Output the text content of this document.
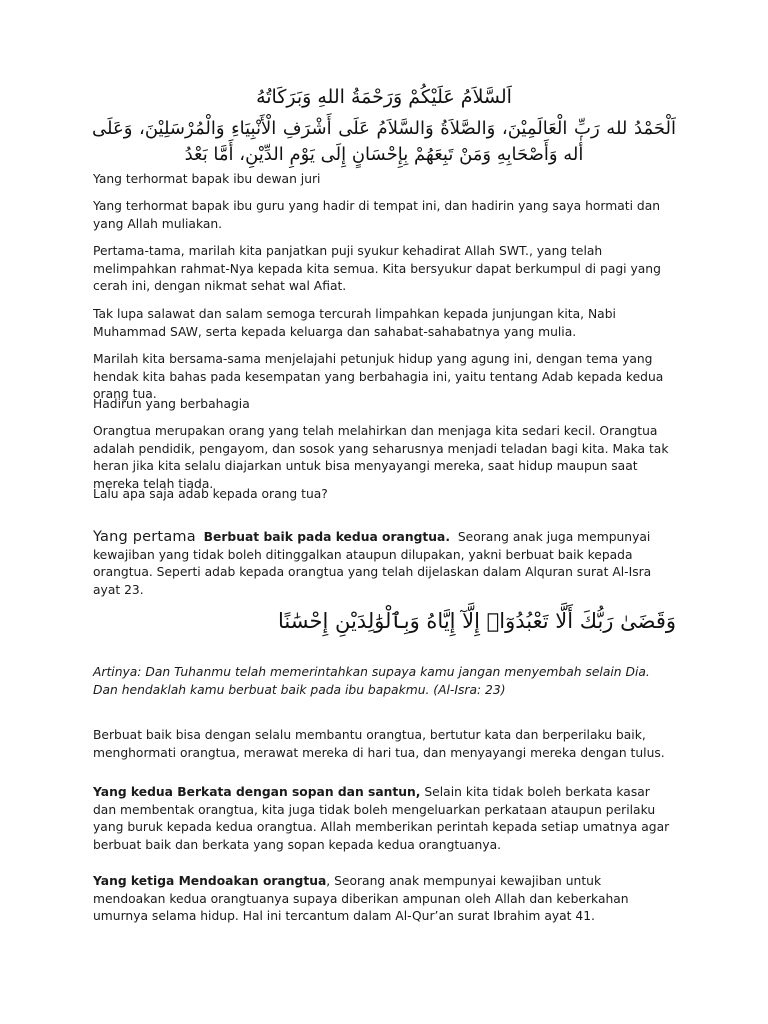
اَلسَّلاَمُ عَلَيْكُمْ وَرَحْمَةُ اللهِ وَبَرَكَاتُهُ
اَلْحَمْدُ لله رَبِّ الْعَالَمِيْنَ، وَالصَّلاَةُ وَالسَّلاَمُ عَلَى أَشْرَفِ الْأَنْبِيَاءِ وَالْمُرْسَلِيْنَ، وَعَلَى أٰله وَأَصْحَابِهِ وَمَنْ تَبِعَهُمْ بِإِحْسَانٍ إِلَى يَوْمِ الدِّيْنِ، أَمَّا بَعْدُ

Yang terhormat bapak ibu dewan juri

Yang terhormat bapak ibu guru yang hadir di tempat ini, dan hadirin yang saya hormati dan yang Allah muliakan.

Pertama-tama, marilah kita panjatkan puji syukur kehadirat Allah SWT., yang telah melimpahkan rahmat-Nya kepada kita semua. Kita bersyukur dapat berkumpul di pagi yang cerah ini, dengan nikmat sehat wal Afiat.

Tak lupa salawat dan salam semoga tercurah limpahkan kepada junjungan kita, Nabi Muhammad SAW, serta kepada keluarga dan sahabat-sahabatnya yang mulia.

Marilah kita bersama-sama menjelajahi petunjuk hidup yang agung ini, dengan tema yang hendak kita bahas pada kesempatan yang berbahagia ini, yaitu tentang Adab kepada kedua orang tua.

Hadirun yang berbahagia

Orangtua merupakan orang yang telah melahirkan dan menjaga kita sedari kecil. Orangtua adalah pendidik, pengayom, dan sosok yang seharusnya menjadi teladan bagi kita. Maka tak heran jika kita selalu diajarkan untuk bisa menyayangi mereka, saat hidup maupun saat mereka telah tiada.

Lalu apa saja adab kepada orang tua?

Yang pertama Berbuat baik pada kedua orangtua. Seorang anak juga mempunyai kewajiban yang tidak boleh ditinggalkan ataupun dilupakan, yakni berbuat baik kepada orangtua. Seperti adab kepada orangtua yang telah dijelaskan dalam Alquran surat Al-Isra ayat 23.

وَقَضَىٰ رَبُّكَ أَلَّا تَعْبُدُوٓا۟ إِلَّآ إِيَّاهُ وَبِٱلْوَٰلِدَيْنِ إِحْسَٰنًا

Artinya: Dan Tuhanmu telah memerintahkan supaya kamu jangan menyembah selain Dia. Dan hendaklah kamu berbuat baik pada ibu bapakmu. (Al-Isra: 23)

Berbuat baik bisa dengan selalu membantu orangtua, bertutur kata dan berperilaku baik, menghormati orangtua, merawat mereka di hari tua, dan menyayangi mereka dengan tulus.

Yang kedua Berkata dengan sopan dan santun, Selain kita tidak boleh berkata kasar dan membentak orangtua, kita juga tidak boleh mengeluarkan perkataan ataupun perilaku yang buruk kepada kedua orangtua. Allah memberikan perintah kepada setiap umatnya agar berbuat baik dan berkata yang sopan kepada kedua orangtuanya.

Yang ketiga Mendoakan orangtua, Seorang anak mempunyai kewajiban untuk mendoakan kedua orangtuanya supaya diberikan ampunan oleh Allah dan keberkahan umurnya selama hidup. Hal ini tercantum dalam Al-Qur’an surat Ibrahim ayat 41.
